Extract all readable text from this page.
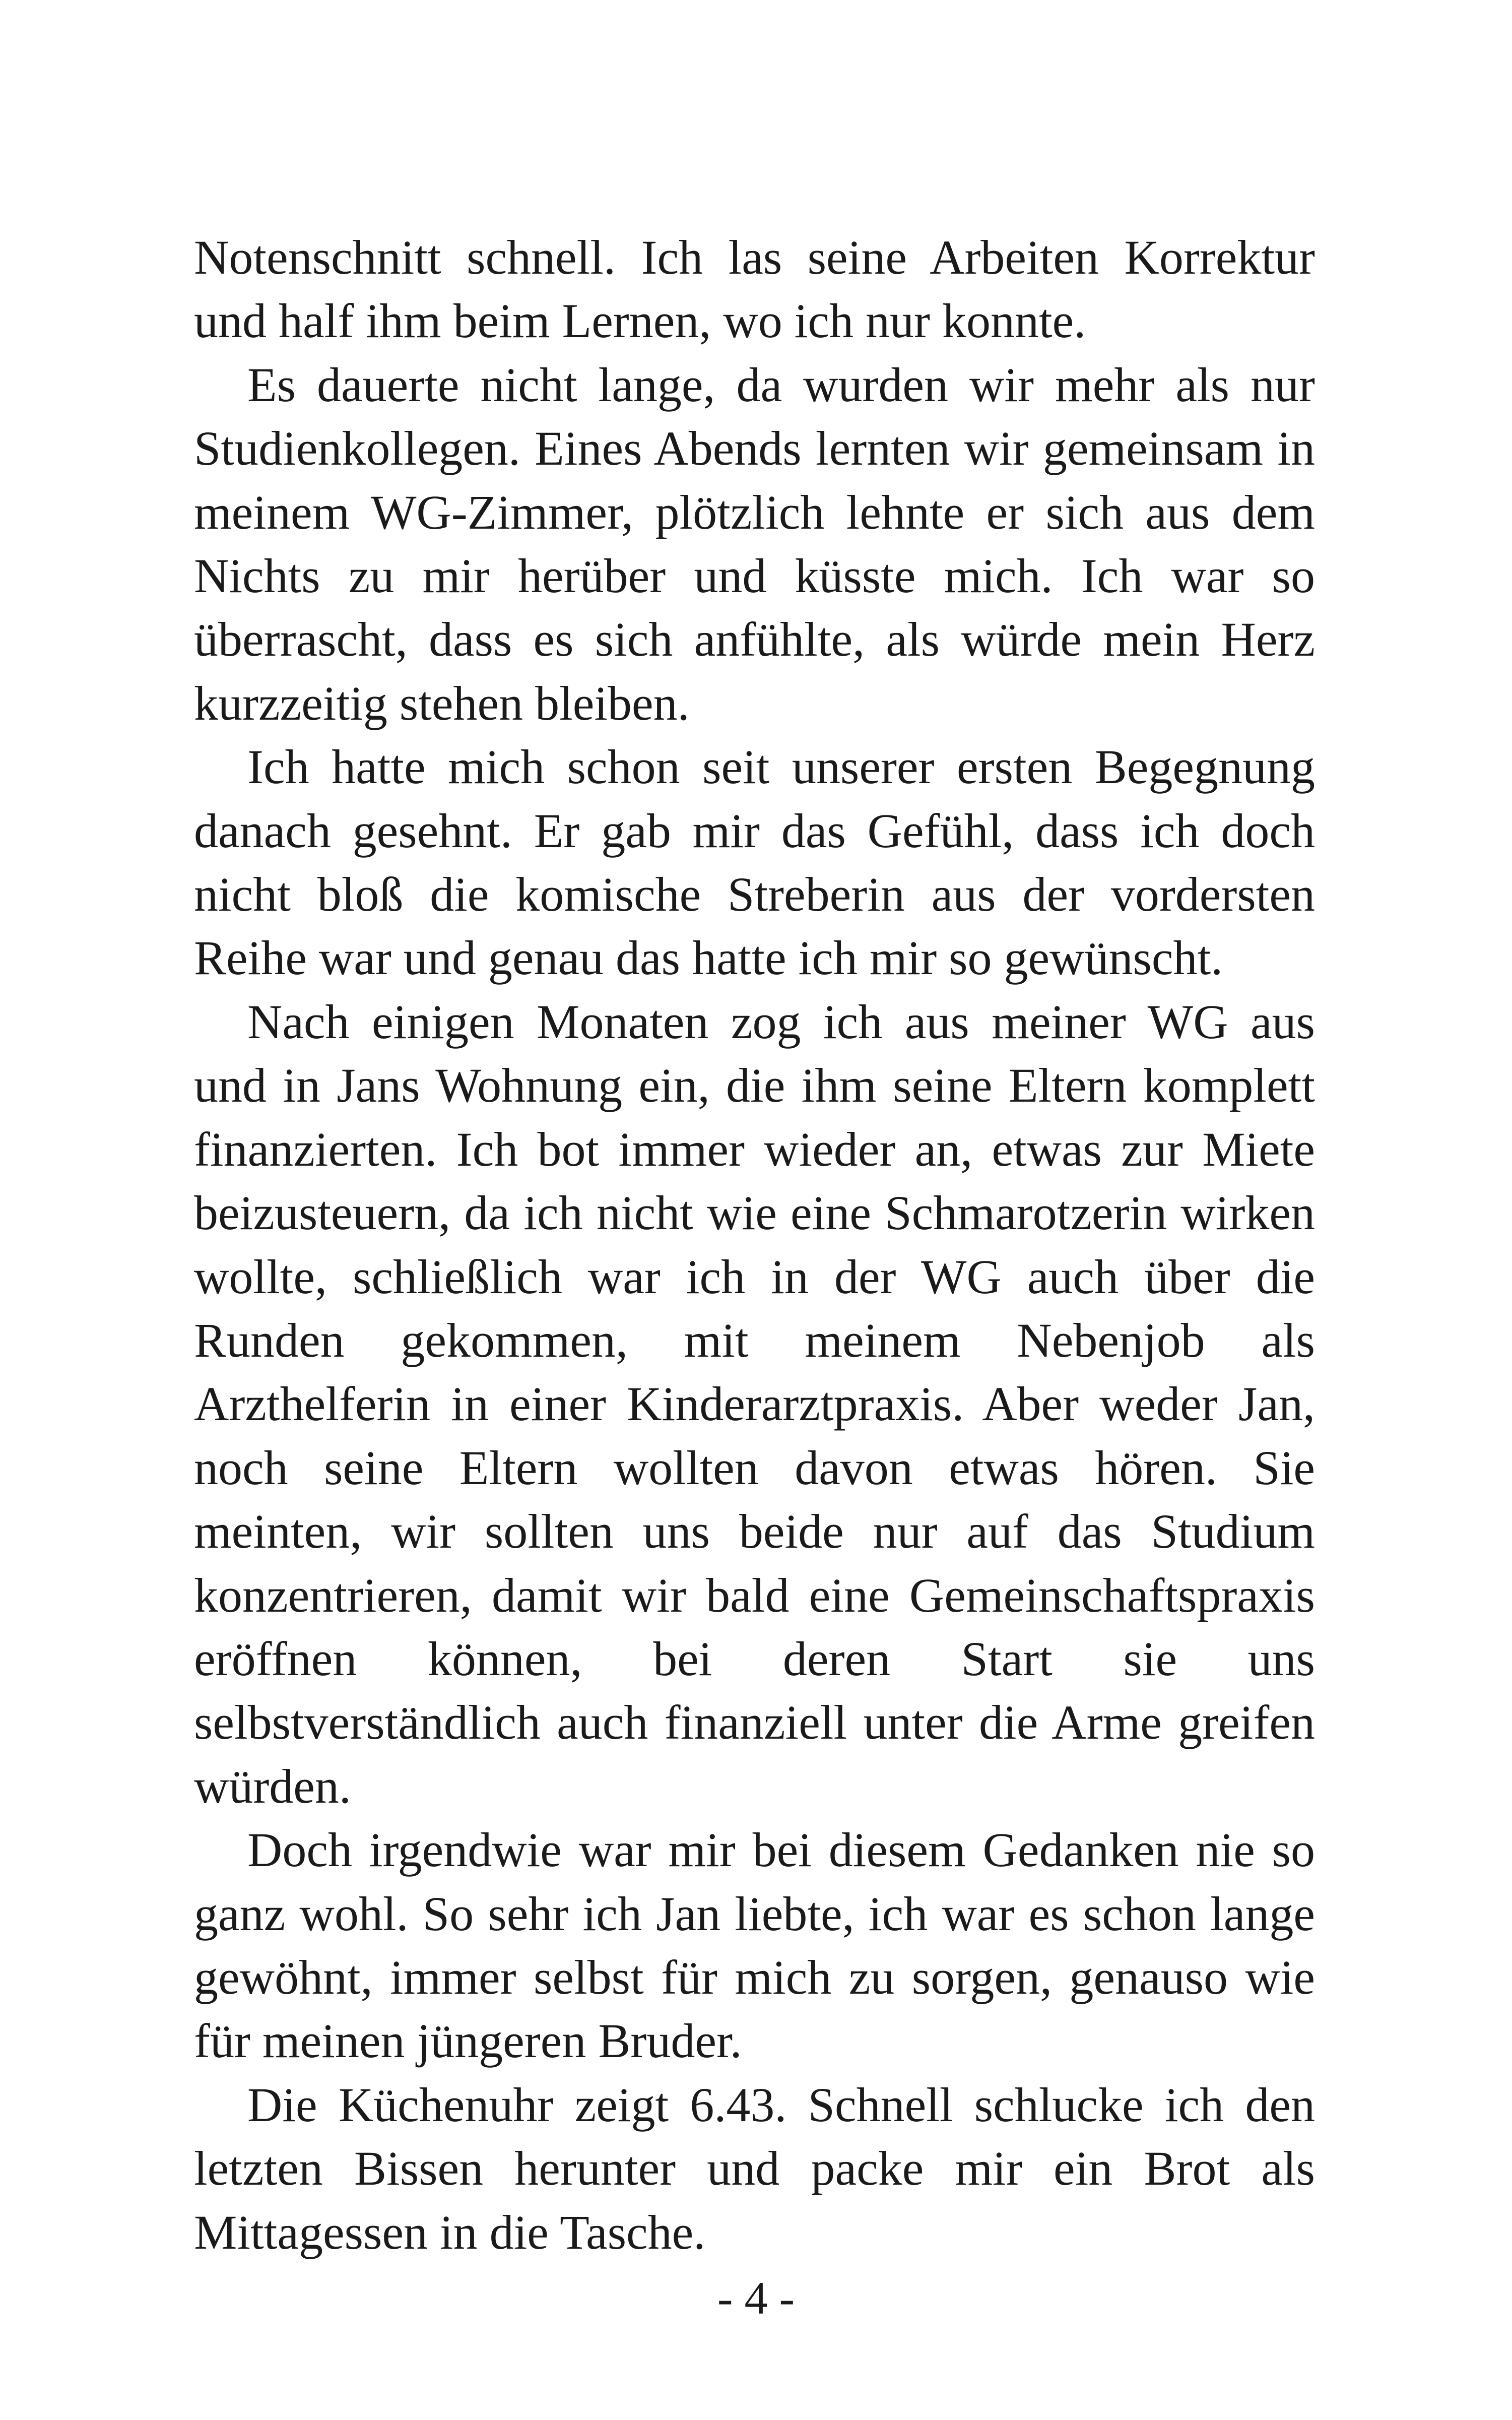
Notenschnitt schnell. Ich las seine Arbeiten Korrektur und half ihm beim Lernen, wo ich nur konnte.

Es dauerte nicht lange, da wurden wir mehr als nur Studienkollegen. Eines Abends lernten wir gemeinsam in meinem WG-Zimmer, plötzlich lehnte er sich aus dem Nichts zu mir herüber und küsste mich. Ich war so überrascht, dass es sich anfühlte, als würde mein Herz kurzzeitig stehen bleiben.

Ich hatte mich schon seit unserer ersten Begegnung danach gesehnt. Er gab mir das Gefühl, dass ich doch nicht bloß die komische Streberin aus der vordersten Reihe war und genau das hatte ich mir so gewünscht.

Nach einigen Monaten zog ich aus meiner WG aus und in Jans Wohnung ein, die ihm seine Eltern komplett finanzierten. Ich bot immer wieder an, etwas zur Miete beizusteuern, da ich nicht wie eine Schmarotzerin wirken wollte, schließlich war ich in der WG auch über die Runden gekommen, mit meinem Nebenjob als Arzthelferin in einer Kinderarztpraxis. Aber weder Jan, noch seine Eltern wollten davon etwas hören. Sie meinten, wir sollten uns beide nur auf das Studium konzentrieren, damit wir bald eine Gemeinschaftspraxis eröffnen können, bei deren Start sie uns selbstverständlich auch finanziell unter die Arme greifen würden.

Doch irgendwie war mir bei diesem Gedanken nie so ganz wohl. So sehr ich Jan liebte, ich war es schon lange gewöhnt, immer selbst für mich zu sorgen, genauso wie für meinen jüngeren Bruder.

Die Küchenuhr zeigt 6.43. Schnell schlucke ich den letzten Bissen herunter und packe mir ein Brot als Mittagessen in die Tasche.

- 4 -
